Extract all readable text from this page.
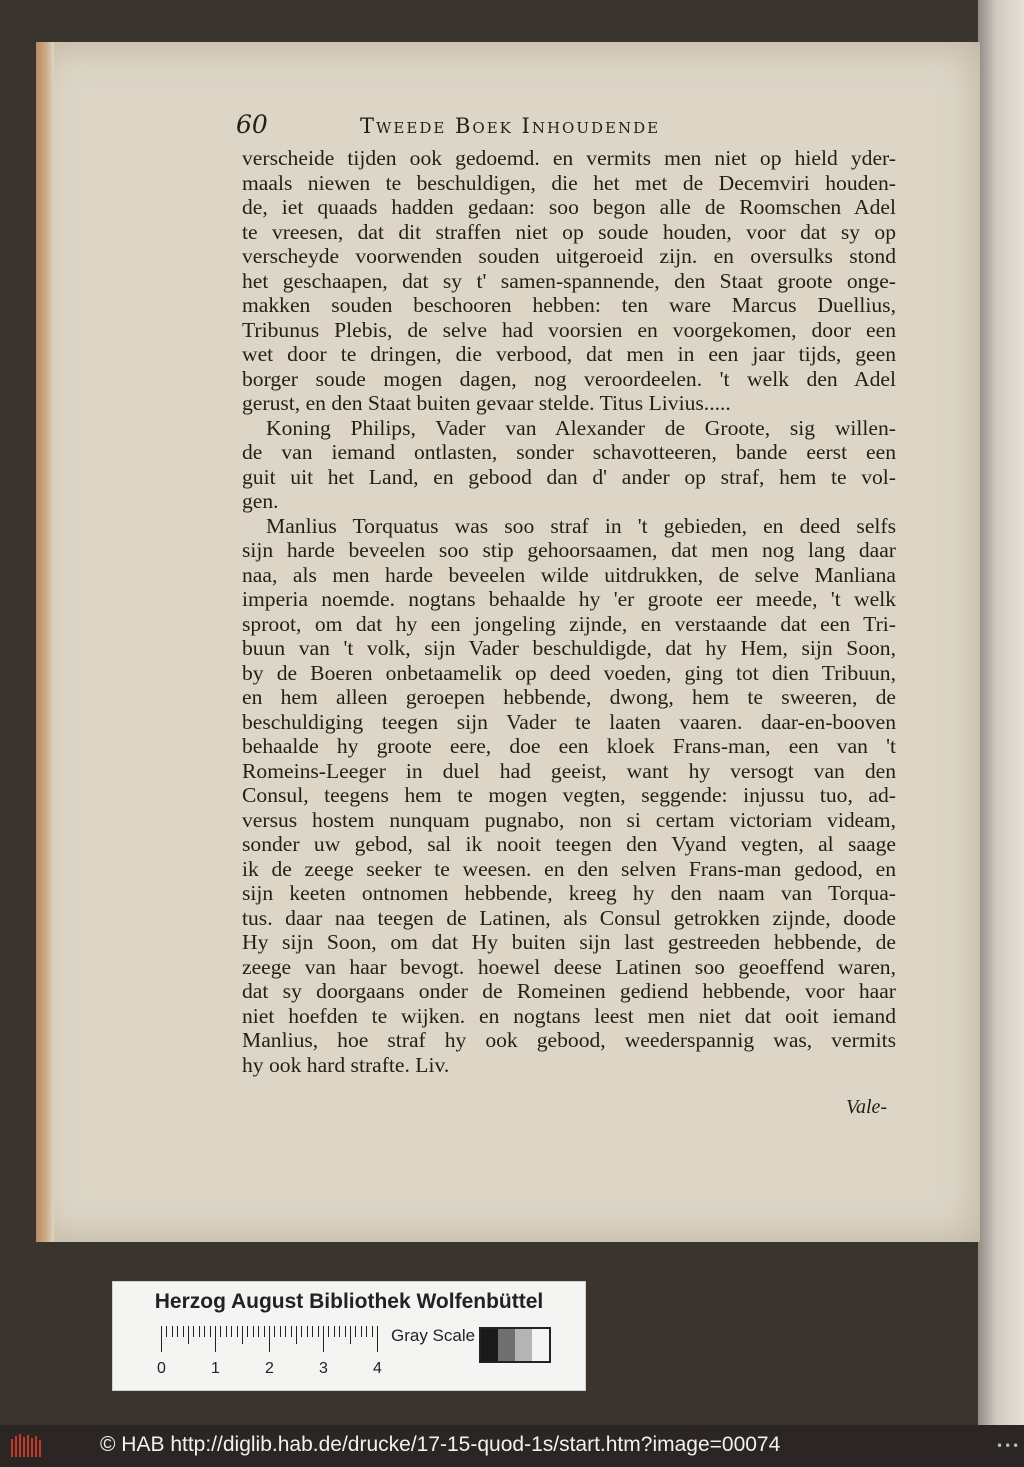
60	Tweede Boek Inhoudende
verscheide tijden ook gedoemd. en vermits men niet op hield yder-
maals niewen te beschuldigen, die het met de Decemviri houden-
de, iet quaads hadden gedaan: soo begon alle de Roomschen Adel
te vreesen, dat dit straffen niet op soude houden, voor dat sy op
verscheyde voorwenden souden uitgeroeid zijn. en oversulks stond
het geschaapen, dat sy t' samen-spannende, den Staat groote onge-
makken souden beschooren hebben: ten ware Marcus Duellius,
Tribunus Plebis, de selve had voorsien en voorgekomen, door een
wet door te dringen, die verbood, dat men in een jaar tijds, geen
borger soude mogen dagen, nog veroordeelen. 't welk den Adel
gerust, en den Staat buiten gevaar stelde. Titus Livius.....
Koning Philips, Vader van Alexander de Groote, sig willen-
de van iemand ontlasten, sonder schavotteeren, bande eerst een
guit uit het Land, en gebood dan d' ander op straf, hem te vol-
gen.
Manlius Torquatus was soo straf in 't gebieden, en deed selfs
sijn harde beveelen soo stip gehoorsaamen, dat men nog lang daar
naa, als men harde beveelen wilde uitdrukken, de selve Manliana
imperia noemde. nogtans behaalde hy 'er groote eer meede, 't welk
sproot, om dat hy een jongeling zijnde, en verstaande dat een Tri-
buun van 't volk, sijn Vader beschuldigde, dat hy Hem, sijn Soon,
by de Boeren onbetaamelik op deed voeden, ging tot dien Tribuun,
en hem alleen geroepen hebbende, dwong, hem te sweeren, de
beschuldiging teegen sijn Vader te laaten vaaren. daar-en-booven
behaalde hy groote eere, doe een kloek Frans-man, een van 't
Romeins-Leeger in duel had geeist, want hy versogt van den
Consul, teegens hem te mogen vegten, seggende: injussu tuo, ad-
versus hostem nunquam pugnabo, non si certam victoriam videam,
sonder uw gebod, sal ik nooit teegen den Vyand vegten, al saage
ik de zeege seeker te weesen. en den selven Frans-man gedood, en
sijn keeten ontnomen hebbende, kreeg hy den naam van Torqua-
tus. daar naa teegen de Latinen, als Consul getrokken zijnde, doode
Hy sijn Soon, om dat Hy buiten sijn last gestreeden hebbende, de
zeege van haar bevogt. hoewel deese Latinen soo geoeffend waren,
dat sy doorgaans onder de Romeinen gediend hebbende, voor haar
niet hoefden te wijken. en nogtans leest men niet dat ooit iemand
Manlius, hoe straf hy ook gebood, weederspannig was, vermits
hy ook hard strafte. Liv.
Vale-
Herzog August Bibliothek Wolfenbüttel
0	1	2	3	4
Gray Scale
© HAB http://diglib.hab.de/drucke/17-15-quod-1s/start.htm?image=00074	•••
